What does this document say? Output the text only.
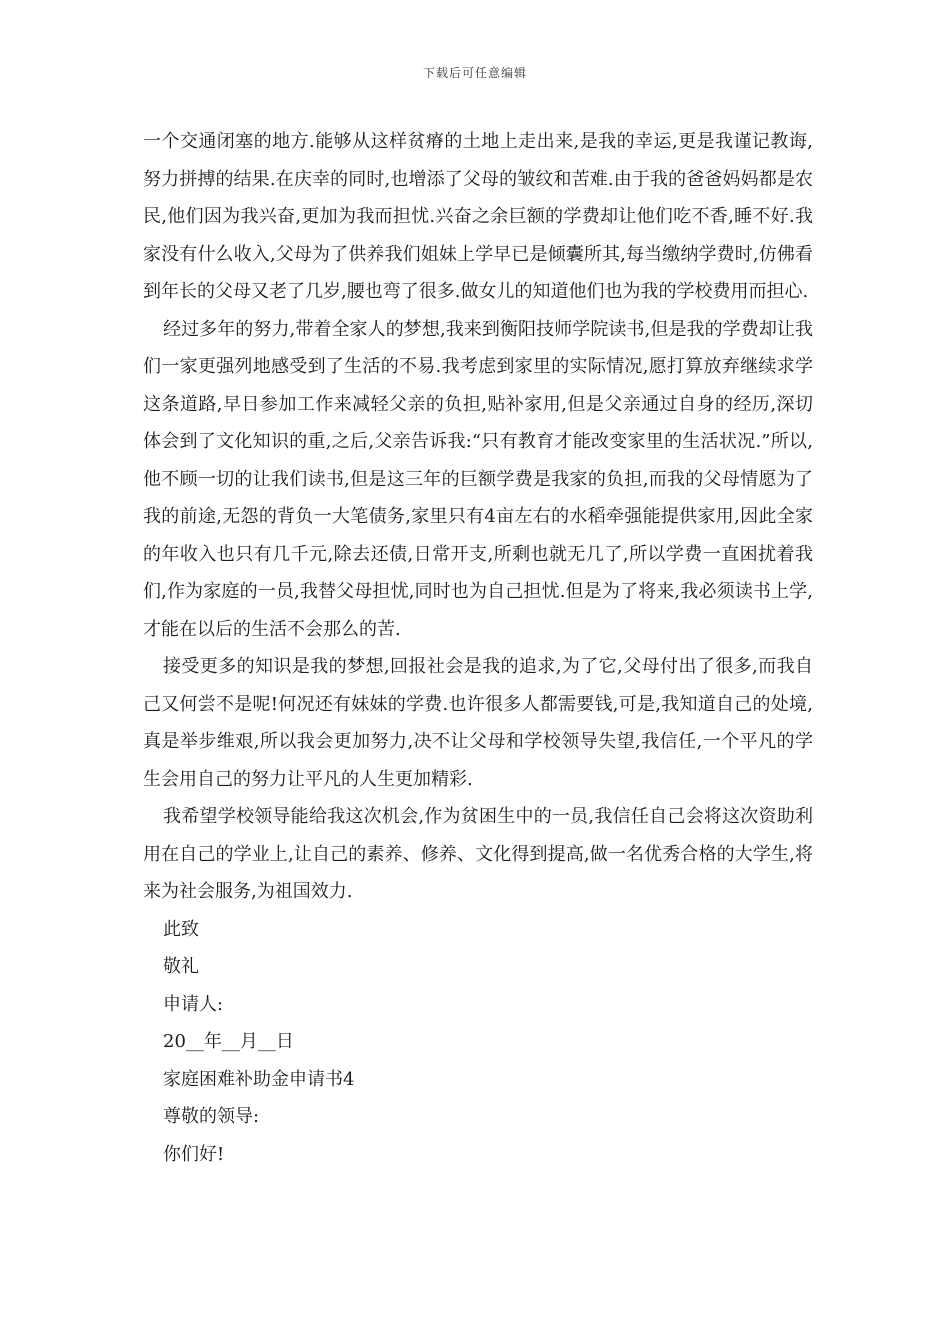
下载后可任意编辑

一个交通闭塞的地方.能够从这样贫瘠的土地上走出来,是我的幸运,更是我谨记教诲,努力拼搏的结果.在庆幸的同时,也增添了父母的皱纹和苦难.由于我的爸爸妈妈都是农民,他们因为我兴奋,更加为我而担忧.兴奋之余巨额的学费却让他们吃不香,睡不好.我家没有什么收入,父母为了供养我们姐妹上学早已是倾囊所其,每当缴纳学费时,仿佛看到年长的父母又老了几岁,腰也弯了很多.做女儿的知道他们也为我的学校费用而担心.

经过多年的努力,带着全家人的梦想,我来到衡阳技师学院读书,但是我的学费却让我们一家更强列地感受到了生活的不易.我考虑到家里的实际情况,愿打算放弃继续求学这条道路,早日参加工作来减轻父亲的负担,贴补家用,但是父亲通过自身的经历,深切体会到了文化知识的重,之后,父亲告诉我:“只有教育才能改变家里的生活状况.”所以,他不顾一切的让我们读书,但是这三年的巨额学费是我家的负担,而我的父母情愿为了我的前途,无怨的背负一大笔债务,家里只有4亩左右的水稻牵强能提供家用,因此全家的年收入也只有几千元,除去还债,日常开支,所剩也就无几了,所以学费一直困扰着我们,作为家庭的一员,我替父母担忧,同时也为自己担忧.但是为了将来,我必须读书上学,才能在以后的生活不会那么的苦.

接受更多的知识是我的梦想,回报社会是我的追求,为了它,父母付出了很多,而我自己又何尝不是呢!何况还有妹妹的学费.也许很多人都需要钱,可是,我知道自己的处境,真是举步维艰,所以我会更加努力,决不让父母和学校领导失望,我信任,一个平凡的学生会用自己的努力让平凡的人生更加精彩.

我希望学校领导能给我这次机会,作为贫困生中的一员,我信任自己会将这次资助利用在自己的学业上,让自己的素养、修养、文化得到提高,做一名优秀合格的大学生,将来为社会服务,为祖国效力.

此致
敬礼
申请人:
20__年__月__日
家庭困难补助金申请书4
尊敬的领导:
你们好!
